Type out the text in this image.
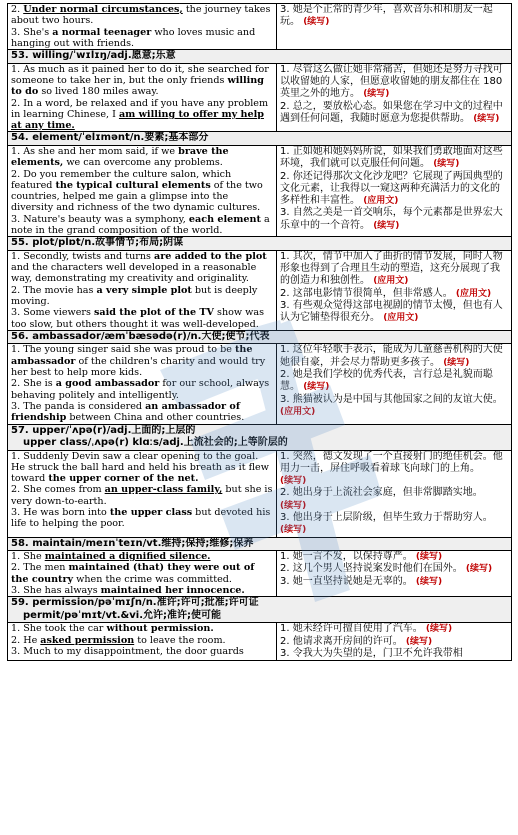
2. Under normal circumstances, the journey takes about two hours.
3. She's a normal teenager who loves music and hanging out with friends.
3. 她是个正常的青少年，喜欢音乐和和朋友一起玩。 (续写)
53. willing/ˈwɪlɪŋ/adj.愿意;乐意
1. As much as it pained her to do it, she searched for someone to take her in, but the only friends willing to do so lived 180 miles away.
2. In a word, be relaxed and if you have any problem in learning Chinese, I am willing to offer my help at any time.
1. 尽管这么做让她非常痛苦，但她还是努力寻找可以收留她的人家，但愿意收留她的朋友都住在 180 英里之外的地方。 (续写)
2. 总之，要放松心态。如果您在学习中文的过程中遇到任何问题，我随时愿意为您提供帮助。 (续写)
54. element/ˈelɪmənt/n.要素;基本部分
1. As she and her mom said, if we brave the elements, we can overcome any problems.
2. Do you remember the culture salon, which featured the typical cultural elements of the two countries, helped me gain a glimpse into the diversity and richness of the two dynamic cultures.
3. Nature's beauty was a symphony, each element a note in the grand composition of the world.
1. 正如她和她妈妈所说，如果我们勇敢地面对这些环境，我们就可以克服任何问题。 (续写)
2. 你还记得那次文化沙龙吧？它展现了两国典型的文化元素，让我得以一窥这两种充满活力的文化的多样性和丰富性。 (应用文)
3. 自然之美是一首交响乐，每个元素都是世界宏大乐章中的一个音符。 (续写)
55. plot/plɒt/n.故事情节;布局;阴谋
1. Secondly, twists and turns are added to the plot and the characters well developed in a reasonable way, demonstrating my creativity and originality.
2. The movie has a very simple plot but is deeply moving.
3. Some viewers said the plot of the TV show was too slow, but others thought it was well-developed.
1. 其次，情节中加入了曲折的情节发展，同时人物形象也得到了合理且生动的塑造，这充分展现了我的创造力和独创性。 (应用文)
2. 这部电影情节很简单，但非常感人。 (应用文)
3. 有些观众觉得这部电视剧的情节太慢，但也有人认为它铺垫得很充分。 (应用文)
56. ambassador/æmˈbæsədə(r)/n.大使;使节;代表
1. The young singer said she was proud to be the ambassador of the children's charity and would try her best to help more kids.
2. She is a good ambassador for our school, always behaving politely and intelligently.
3. The panda is considered an ambassador of friendship between China and other countries.
1. 这位年轻歌手表示，能成为儿童慈善机构的大使她很自豪，并会尽力帮助更多孩子。 (续写)
2. 她是我们学校的优秀代表，言行总是礼貌而聪慧。 (续写)
3. 熊猫被认为是中国与其他国家之间的友谊大使。 (应用文)
57. upper/ˈʌpə(r)/adj.上面的;上层的
upper class/ˌʌpə(r) klɑːs/adj.上流社会的;上等阶层的
1. Suddenly Devin saw a clear opening to the goal. He struck the ball hard and held his breath as it flew toward the upper corner of the net.
2. She comes from an upper-class family, but she is very down-to-earth.
3. He was born into the upper class but devoted his life to helping the poor.
1. 突然，德文发现了一个直接射门的绝佳机会。他用力一击，屏住呼吸看着球飞向球门的上角。 (续写)
2. 她出身于上流社会家庭，但非常脚踏实地。 (续写)
3. 他出身于上层阶级，但毕生致力于帮助穷人。 (续写)
58. maintain/meɪnˈteɪn/vt.维持;保持;维修;保养
1. She maintained a dignified silence.
2. The men maintained (that) they were out of the country when the crime was committed.
3. She has always maintained her innocence.
1. 她一言不发，以保持尊严。 (续写)
2. 这几个男人坚持说案发时他们在国外。 (续写)
3. 她一直坚持说她是无辜的。 (续写)
59. permission/pəˈmɪʃn/n.准许;许可;批准;许可证
permit/pəˈmɪt/vt.&vi.允许;准许;使可能
1. She took the car without permission.
2. He asked permission to leave the room.
3. Much to my disappointment, the door guards
1. 她未经许可擅自使用了汽车。 (续写)
2. 他请求离开房间的许可。 (续写)
3. 令我大为失望的是，门卫不允许我带相
